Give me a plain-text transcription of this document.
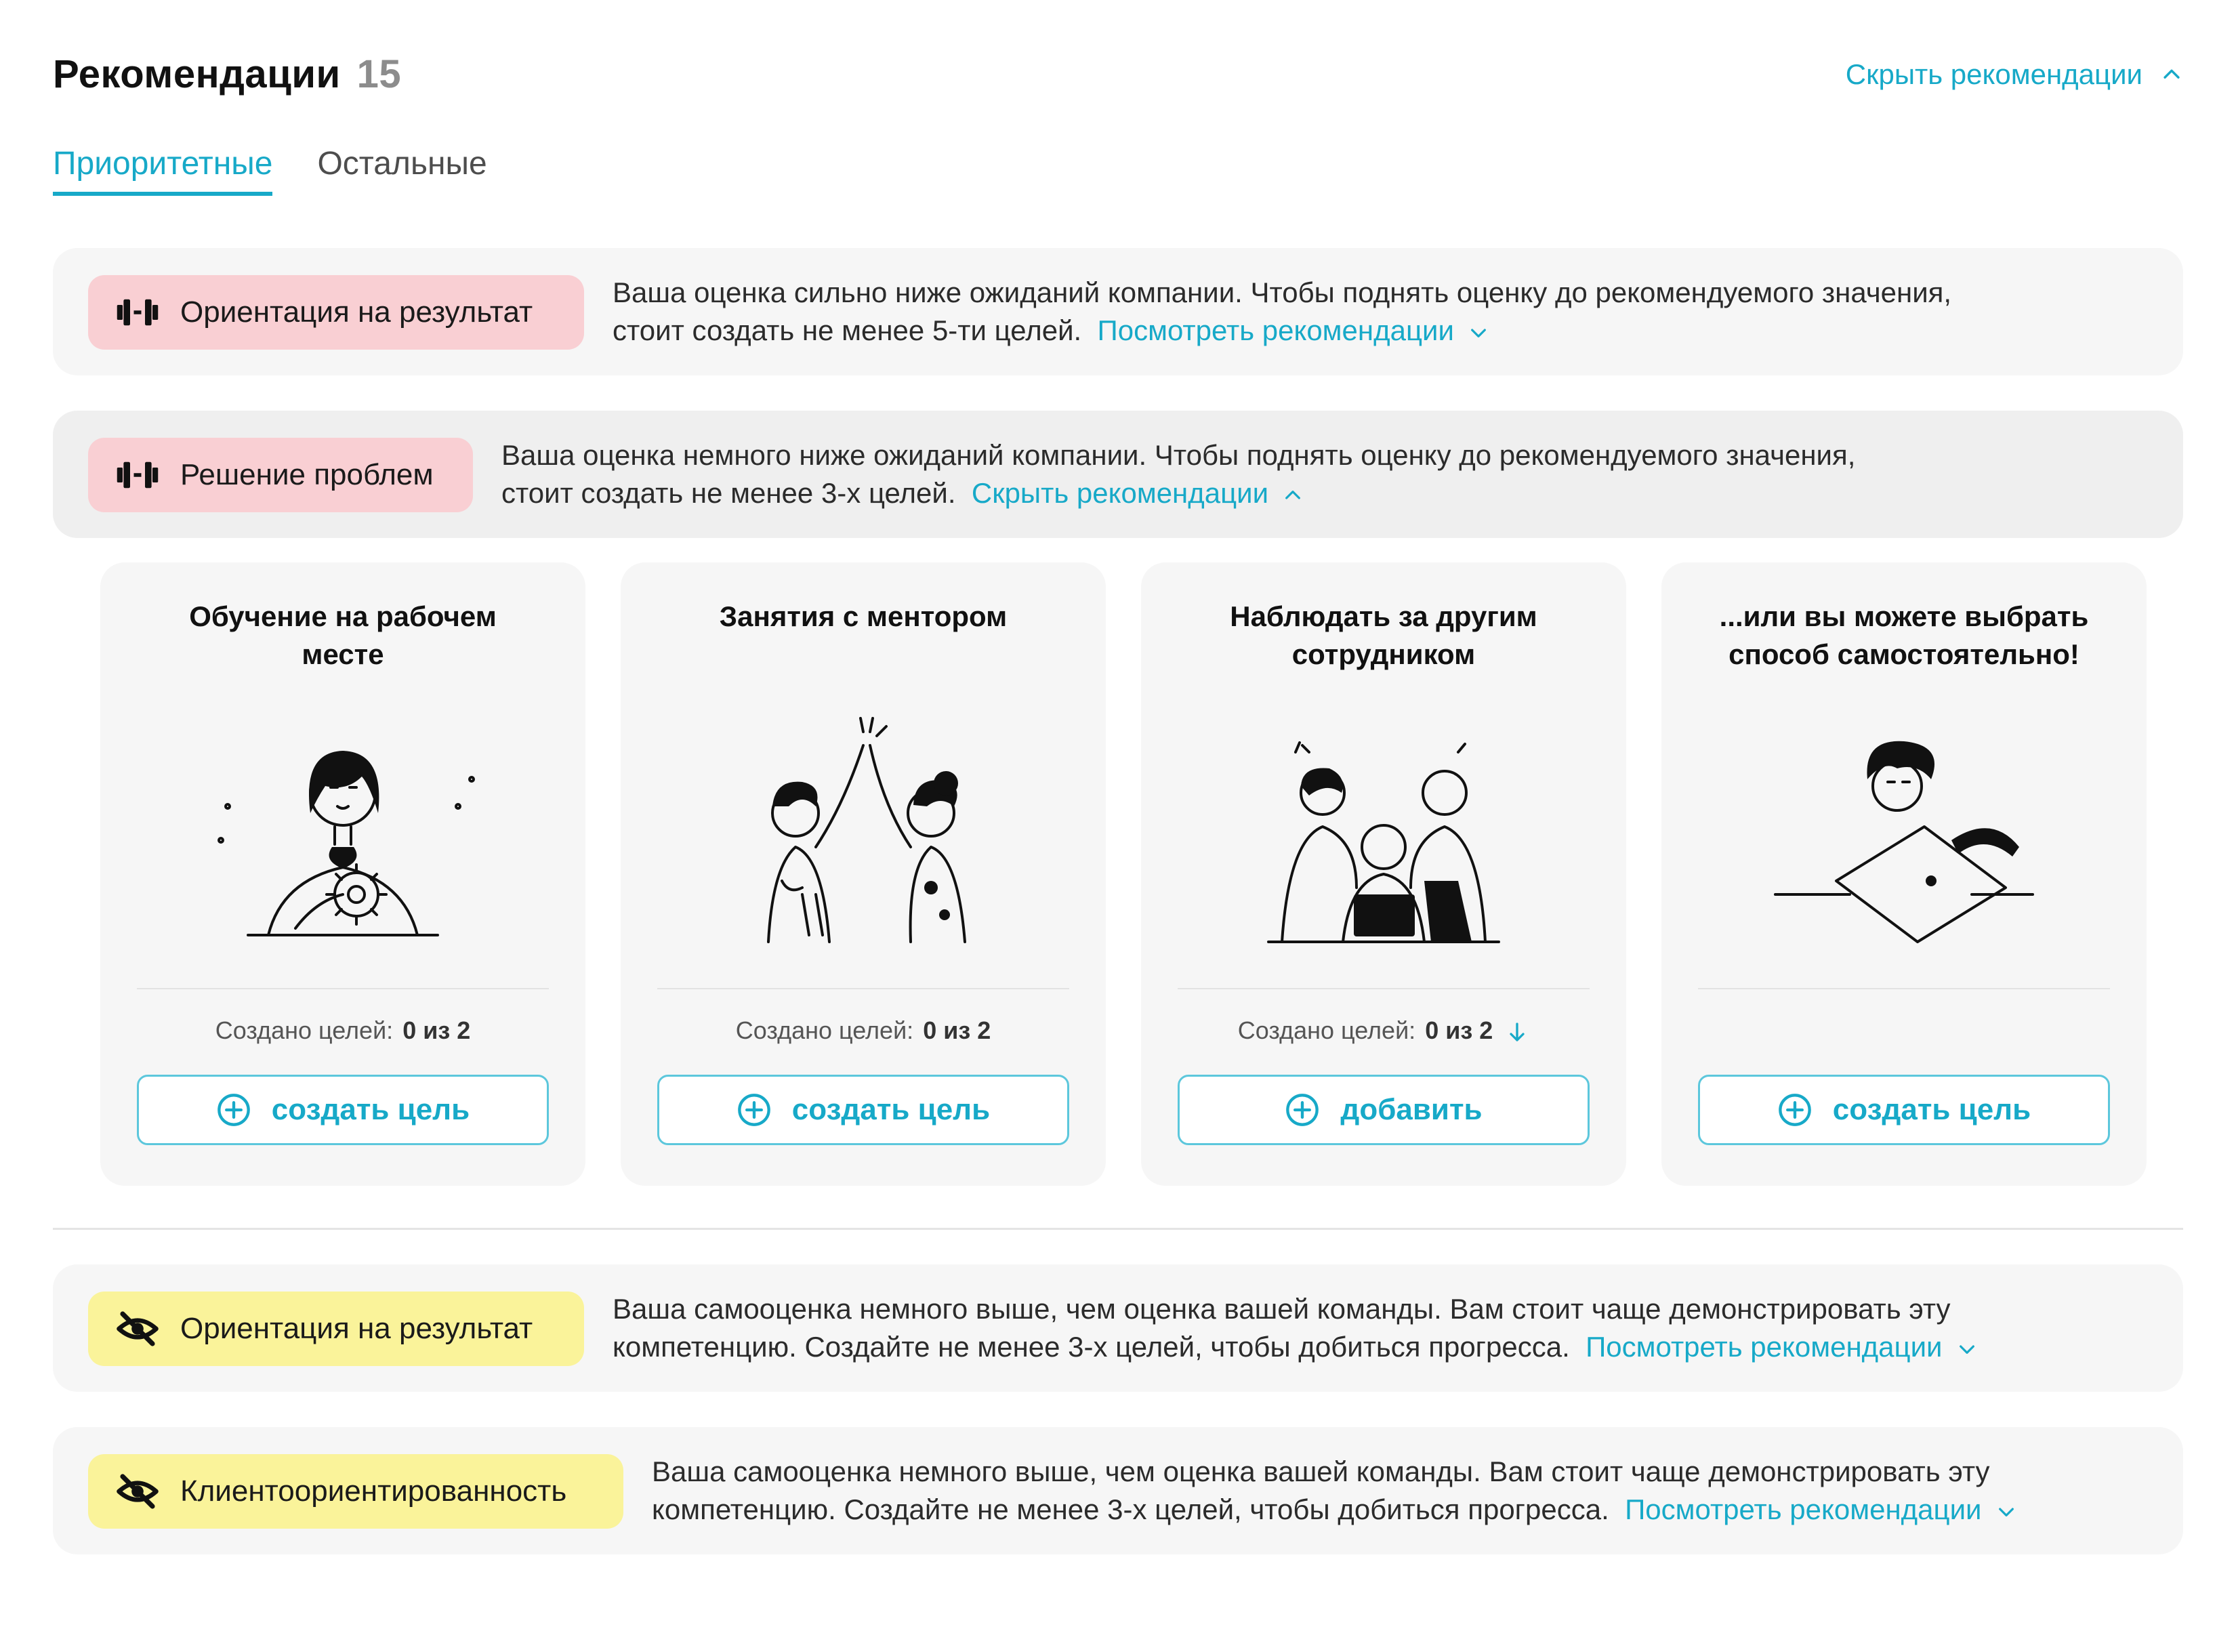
Рекомендации 15	Скрыть рекомендации
Приоритетные Остальные
Ориентация на результат
Ваша оценка сильно ниже ожиданий компании. Чтобы поднять оценку до рекомендуемого значения,
стоит создать не менее 5-ти целей. Посмотреть рекомендации
Решение проблем
Ваша оценка немного ниже ожиданий компании. Чтобы поднять оценку до рекомендуемого значения,
стоит создать не менее 3-х целей. Скрыть рекомендации
Обучение на рабочем
месте
Создано целей: 0 из 2
создать цель
Занятия с ментором
Создано целей: 0 из 2
создать цель
Наблюдать за другим
сотрудником
Создано целей: 0 из 2
добавить
...или вы можете выбрать
способ самостоятельно!
создать цель
Ориентация на результат
Ваша самооценка немного выше, чем оценка вашей команды. Вам стоит чаще демонстрировать эту
компетенцию. Создайте не менее 3-х целей, чтобы добиться прогресса. Посмотреть рекомендации
Клиентоориентированность
Ваша самооценка немного выше, чем оценка вашей команды. Вам стоит чаще демонстрировать эту
компетенцию. Создайте не менее 3-х целей, чтобы добиться прогресса. Посмотреть рекомендации
